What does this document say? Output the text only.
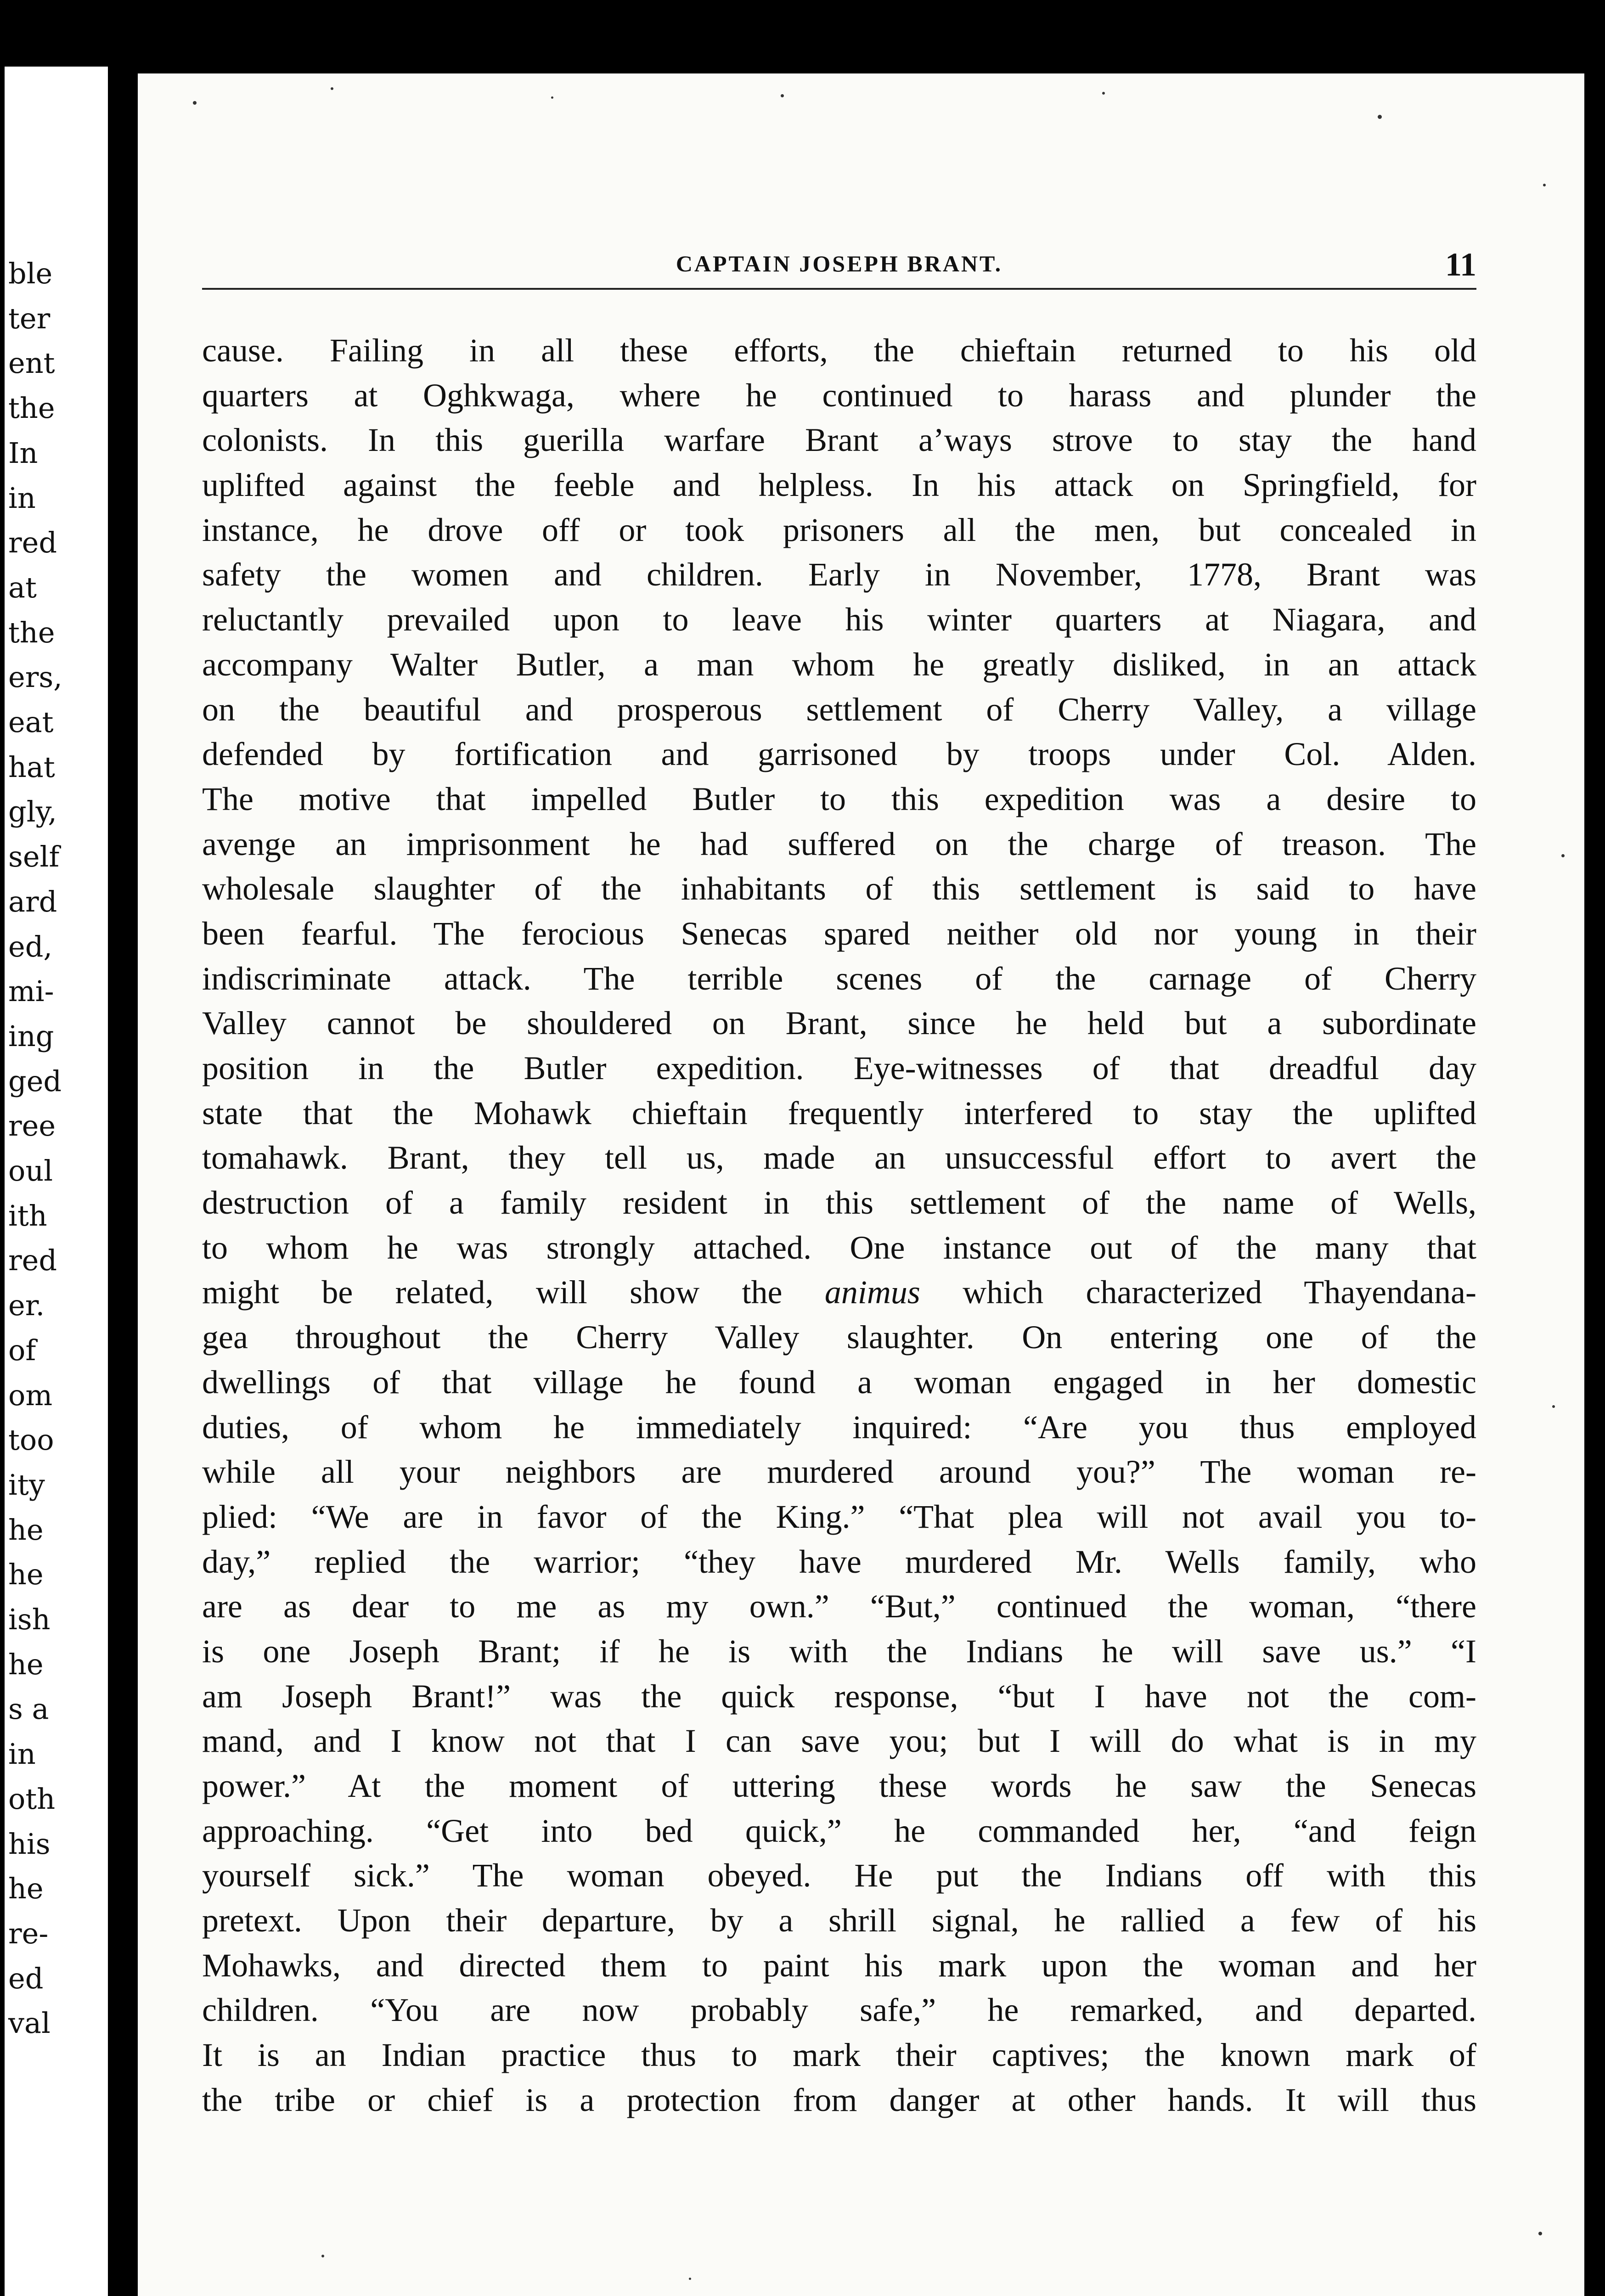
ble
ter
ent
the
In
in
red
at
the
ers,
eat
hat
gly,
self
ard
ed,
mi-
ing
ged
ree
oul
ith
red
er.
of
om
too
ity
he
he
ish
he
s a
in
oth
his
he
re-
ed
val
CAPTAIN JOSEPH BRANT.	11
cause. Failing in all these efforts, the chieftain returned to his old
quarters at Oghkwaga, where he continued to harass and plunder the
colonists. In this guerilla warfare Brant a’ways strove to stay the hand
uplifted against the feeble and helpless. In his attack on Springfield, for
instance, he drove off or took prisoners all the men, but concealed in
safety the women and children. Early in November, 1778, Brant was
reluctantly prevailed upon to leave his winter quarters at Niagara, and
accompany Walter Butler, a man whom he greatly disliked, in an attack
on the beautiful and prosperous settlement of Cherry Valley, a village
defended by fortification and garrisoned by troops under Col. Alden.
The motive that impelled Butler to this expedition was a desire to
avenge an imprisonment he had suffered on the charge of treason. The
wholesale slaughter of the inhabitants of this settlement is said to have
been fearful. The ferocious Senecas spared neither old nor young in their
indiscriminate attack. The terrible scenes of the carnage of Cherry
Valley cannot be shouldered on Brant, since he held but a subordinate
position in the Butler expedition. Eye-witnesses of that dreadful day
state that the Mohawk chieftain frequently interfered to stay the uplifted
tomahawk. Brant, they tell us, made an unsuccessful effort to avert the
destruction of a family resident in this settlement of the name of Wells,
to whom he was strongly attached. One instance out of the many that
might be related, will show the animus which characterized Thayendana-
gea throughout the Cherry Valley slaughter. On entering one of the
dwellings of that village he found a woman engaged in her domestic
duties, of whom he immediately inquired: “Are you thus employed
while all your neighbors are murdered around you?” The woman re-
plied: “We are in favor of the King.” “That plea will not avail you to-
day,” replied the warrior; “they have murdered Mr. Wells family, who
are as dear to me as my own.” “But,” continued the woman, “there
is one Joseph Brant; if he is with the Indians he will save us.” “I
am Joseph Brant!” was the quick response, “but I have not the com-
mand, and I know not that I can save you; but I will do what is in my
power.” At the moment of uttering these words he saw the Senecas
approaching. “Get into bed quick,” he commanded her, “and feign
yourself sick.” The woman obeyed. He put the Indians off with this
pretext. Upon their departure, by a shrill signal, he rallied a few of his
Mohawks, and directed them to paint his mark upon the woman and her
children. “You are now probably safe,” he remarked, and departed.
It is an Indian practice thus to mark their captives; the known mark of
the tribe or chief is a protection from danger at other hands. It will thus
